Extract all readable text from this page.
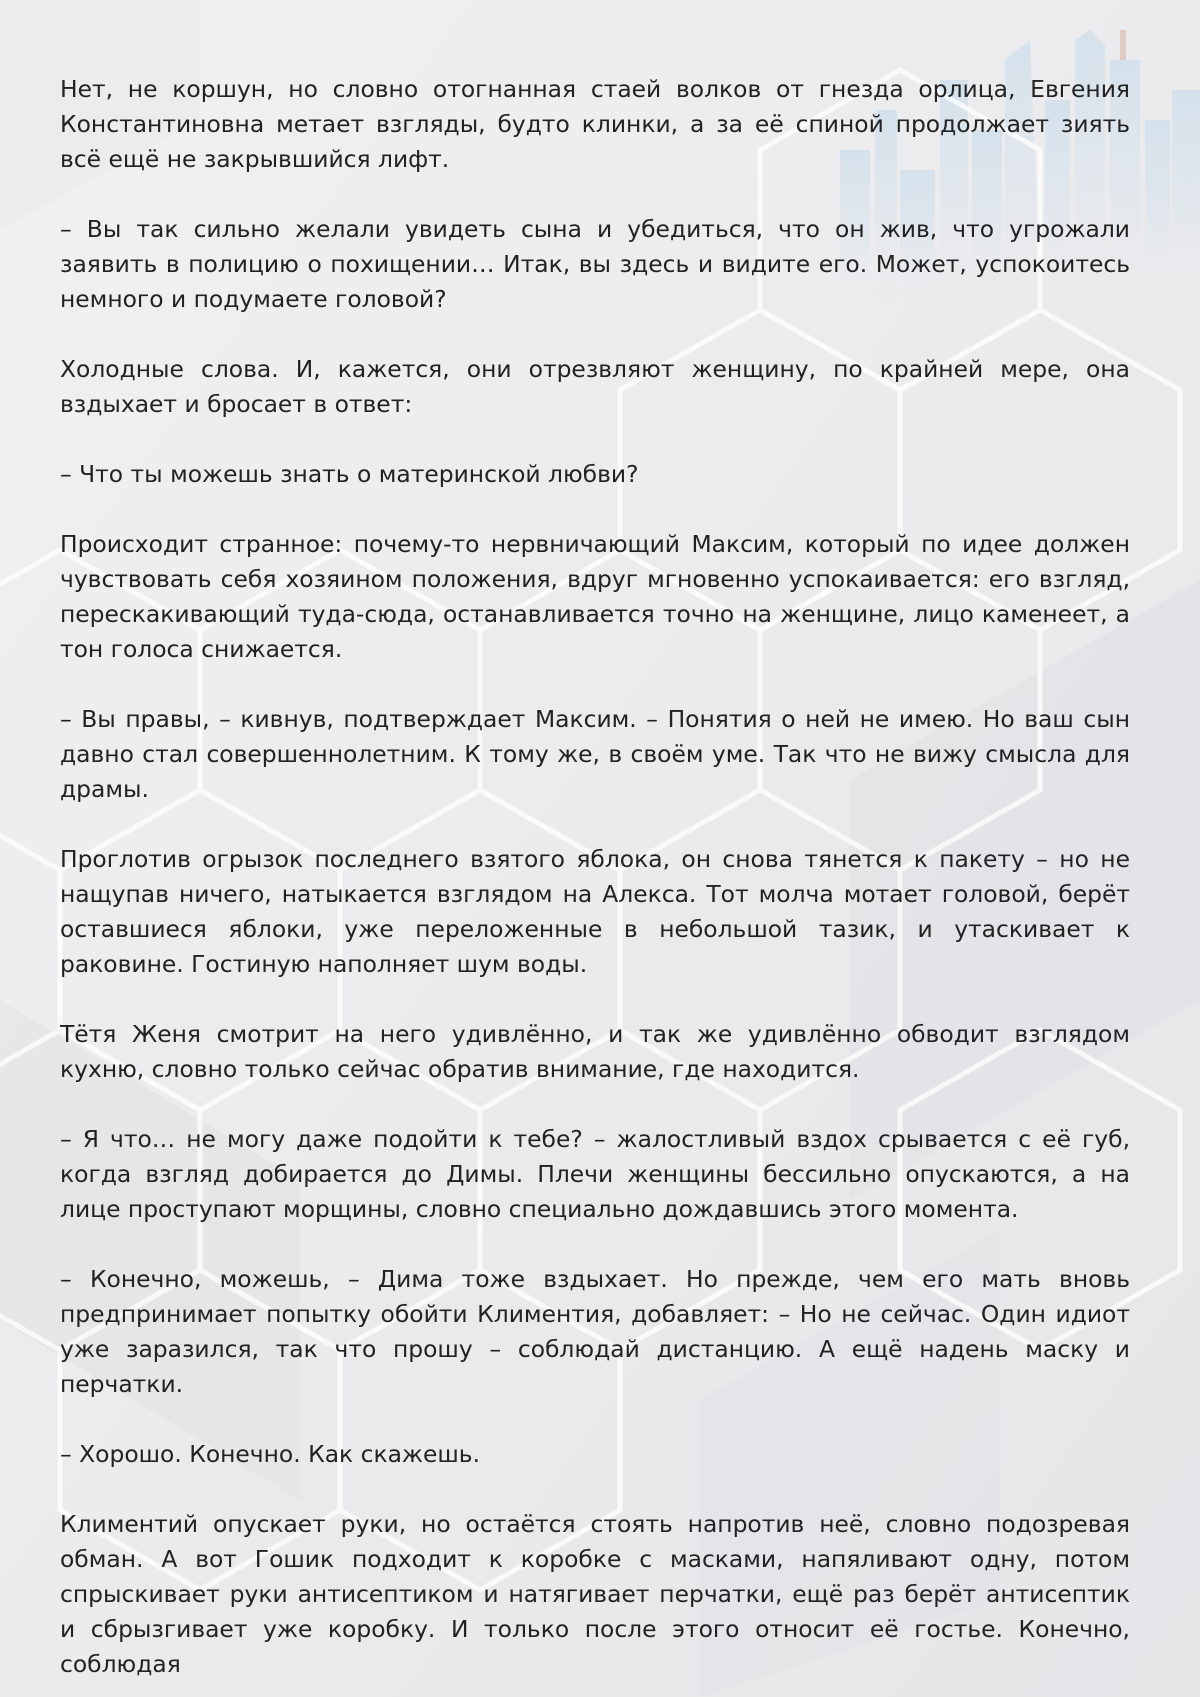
Нет, не коршун, но словно отогнанная стаей волков от гнезда орлица, Евгения Константиновна метает взгляды, будто клинки, а за её спиной продолжает зиять всё ещё не закрывшийся лифт.

– Вы так сильно желали увидеть сына и убедиться, что он жив, что угрожали заявить в полицию о похищении… Итак, вы здесь и видите его. Может, успокоитесь немного и подумаете головой?

Холодные слова. И, кажется, они отрезвляют женщину, по крайней мере, она вздыхает и бросает в ответ:

– Что ты можешь знать о материнской любви?

Происходит странное: почему-то нервничающий Максим, который по идее должен чувствовать себя хозяином положения, вдруг мгновенно успокаивается: его взгляд, перескакивающий туда-сюда, останавливается точно на женщине, лицо каменеет, а тон голоса снижается.

– Вы правы, – кивнув, подтверждает Максим. – Понятия о ней не имею. Но ваш сын давно стал совершеннолетним. К тому же, в своём уме. Так что не вижу смысла для драмы.

Проглотив огрызок последнего взятого яблока, он снова тянется к пакету – но не нащупав ничего, натыкается взглядом на Алекса. Тот молча мотает головой, берёт оставшиеся яблоки, уже переложенные в небольшой тазик, и утаскивает к раковине. Гостиную наполняет шум воды.

Тётя Женя смотрит на него удивлённо, и так же удивлённо обводит взглядом кухню, словно только сейчас обратив внимание, где находится.

– Я что… не могу даже подойти к тебе? – жалостливый вздох срывается с её губ, когда взгляд добирается до Димы. Плечи женщины бессильно опускаются, а на лице проступают морщины, словно специально дождавшись этого момента.

– Конечно, можешь, – Дима тоже вздыхает. Но прежде, чем его мать вновь предпринимает попытку обойти Климентия, добавляет: – Но не сейчас. Один идиот уже заразился, так что прошу – соблюдай дистанцию. А ещё надень маску и перчатки.

– Хорошо. Конечно. Как скажешь.

Климентий опускает руки, но остаётся стоять напротив неё, словно подозревая обман. А вот Гошик подходит к коробке с масками, напяливают одну, потом спрыскивает руки антисептиком и натягивает перчатки, ещё раз берёт антисептик и сбрызгивает уже коробку. И только после этого относит её гостье. Конечно, соблюдая
